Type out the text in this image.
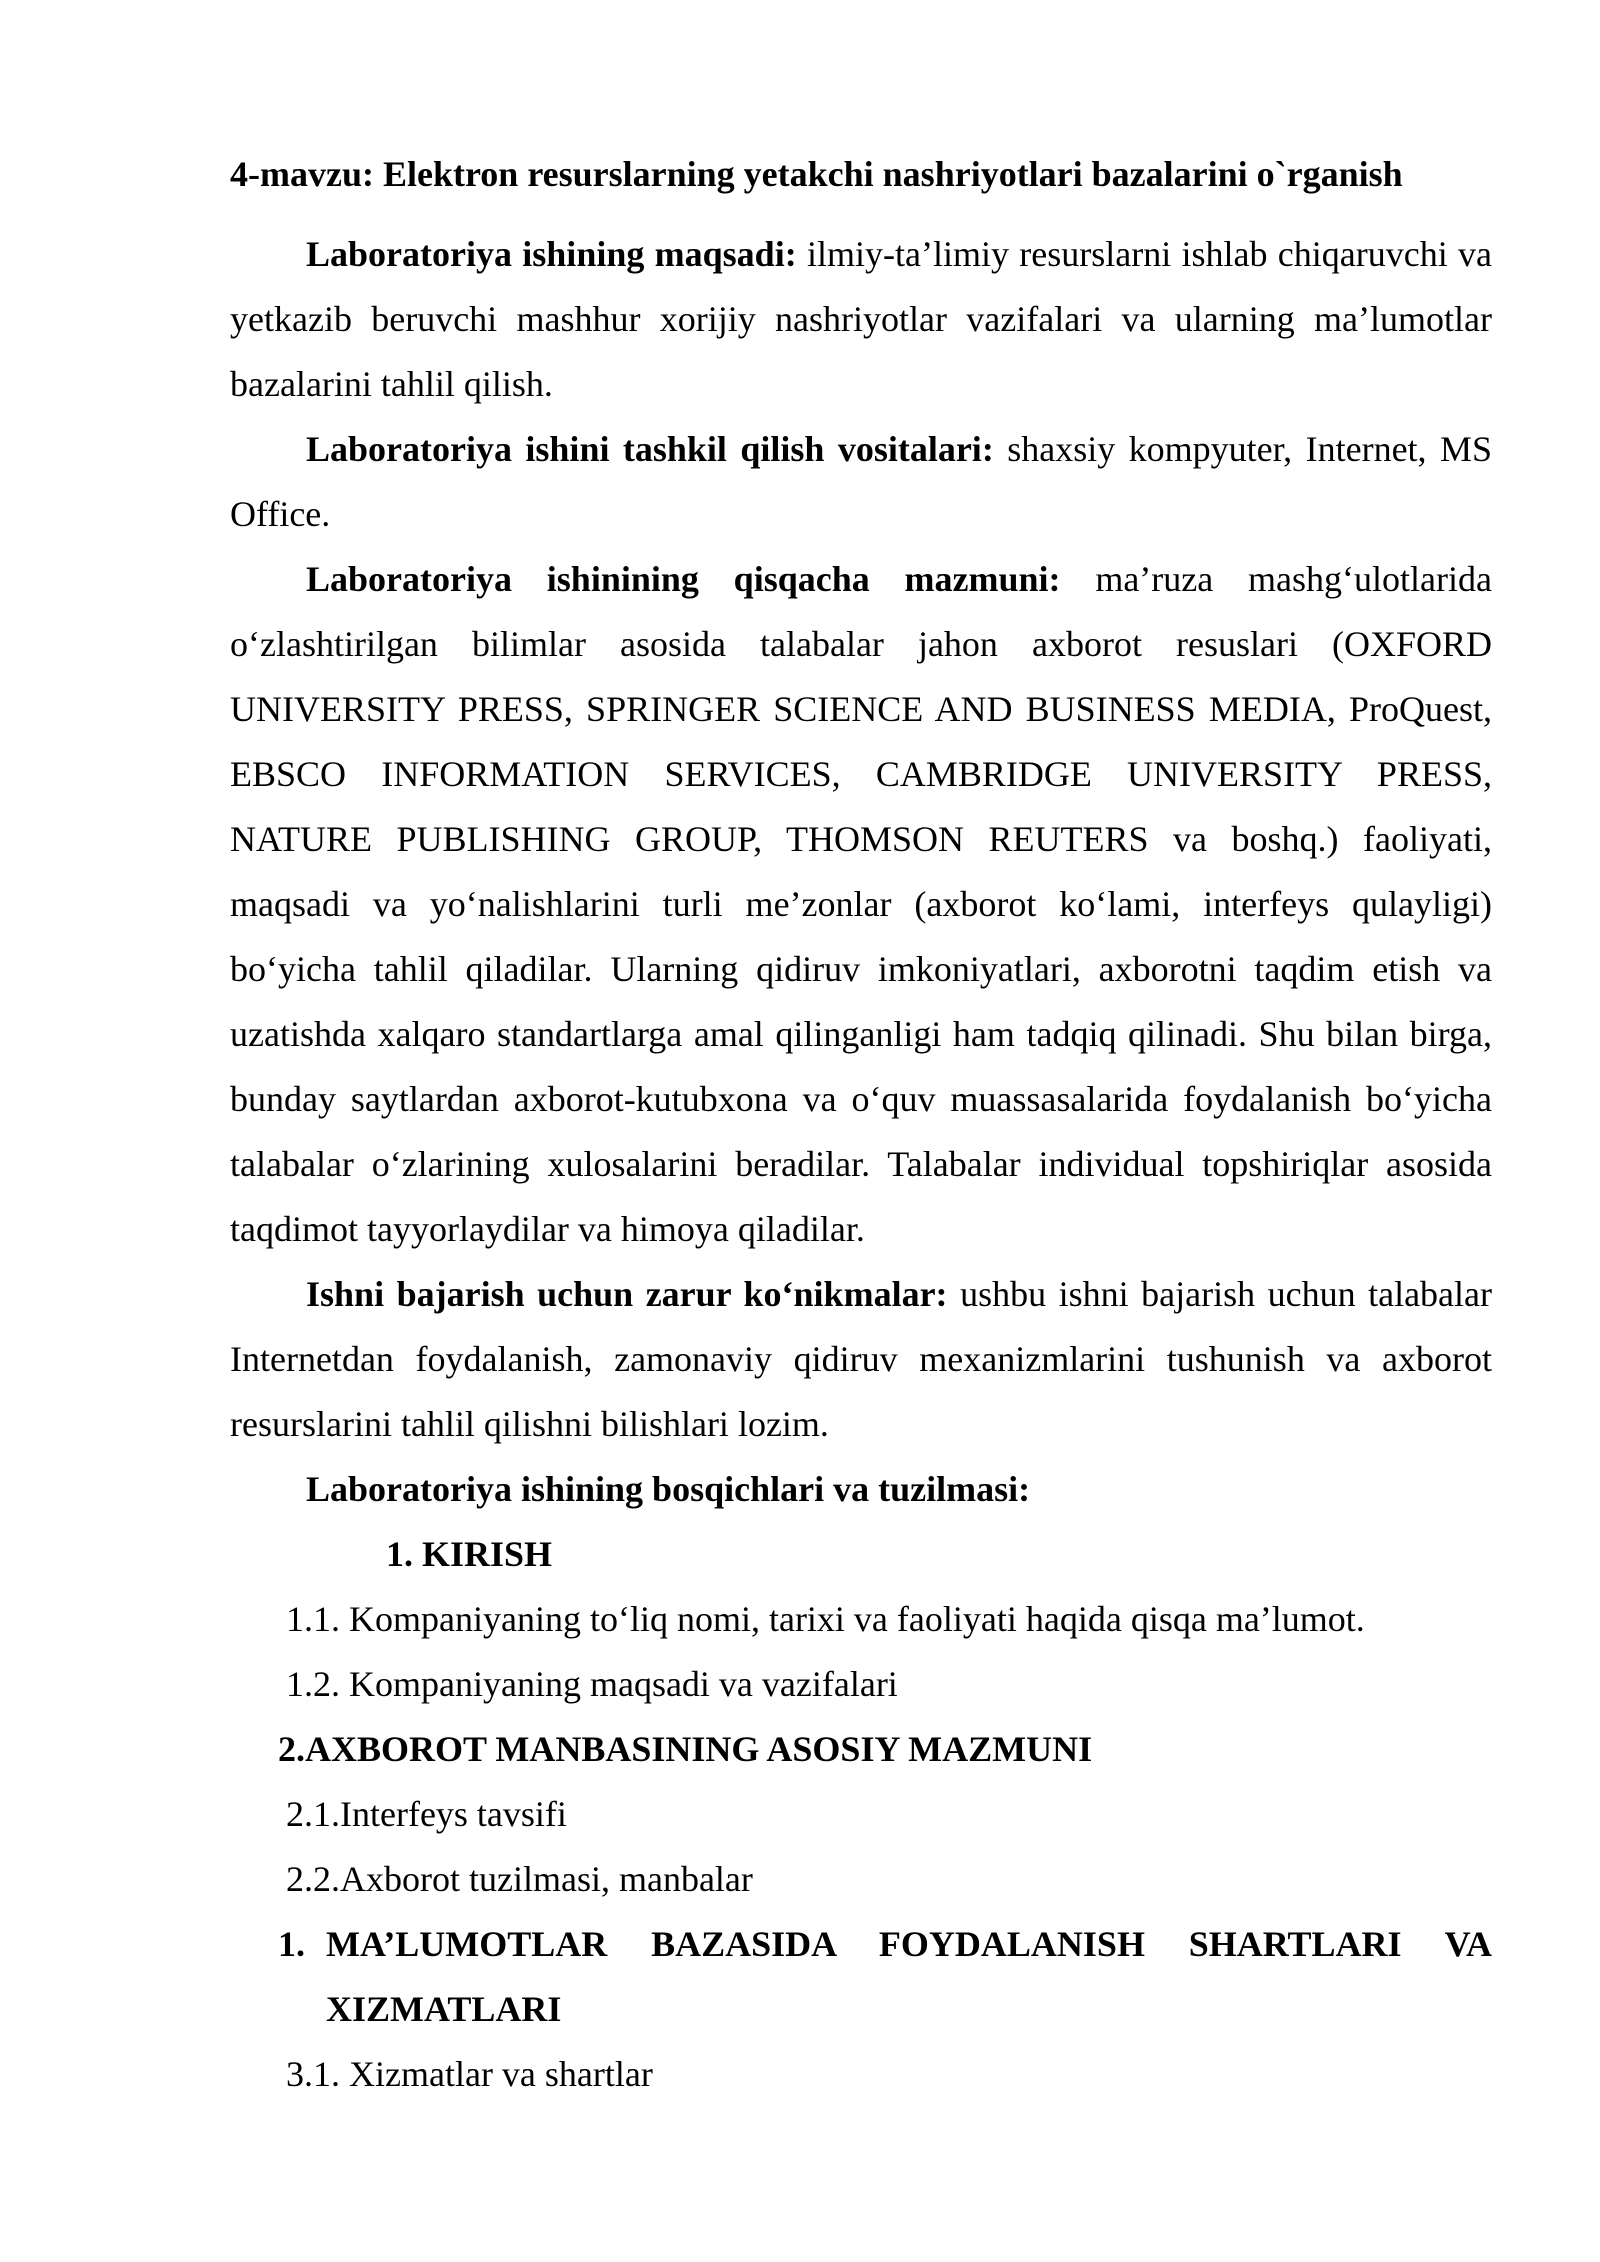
4-mavzu: Elektron resurslarning yetakchi nashriyotlari bazalarini o`rganish

Laboratoriya ishining maqsadi: ilmiy-ta’limiy resurslarni ishlab chiqaruvchi va yetkazib beruvchi mashhur xorijiy nashriyotlar vazifalari va ularning ma’lumotlar bazalarini tahlil qilish.

Laboratoriya ishini tashkil qilish vositalari: shaxsiy kompyuter, Internet, MS Office.

Laboratoriya ishinining qisqacha mazmuni: ma’ruza mashg‘ulotlarida o‘zlashtirilgan bilimlar asosida talabalar jahon axborot resuslari (OXFORD UNIVERSITY PRESS, SPRINGER SCIENCE AND BUSINESS MEDIA, ProQuest, EBSCO INFORMATION SERVICES, CAMBRIDGE UNIVERSITY PRESS, NATURE PUBLISHING GROUP, THOMSON REUTERS va boshq.) faoliyati, maqsadi va yo‘nalishlarini turli me’zonlar (axborot ko‘lami, interfeys qulayligi) bo‘yicha tahlil qiladilar. Ularning qidiruv imkoniyatlari, axborotni taqdim etish va uzatishda xalqaro standartlarga amal qilinganligi ham tadqiq qilinadi. Shu bilan birga, bunday saytlardan axborot-kutubxona va o‘quv muassasalarida foydalanish bo‘yicha talabalar o‘zlarining xulosalarini beradilar. Talabalar individual topshiriqlar asosida taqdimot tayyorlaydilar va himoya qiladilar.

Ishni bajarish uchun zarur ko‘nikmalar: ushbu ishni bajarish uchun talabalar Internetdan foydalanish, zamonaviy qidiruv mexanizmlarini tushunish va axborot resurslarini tahlil qilishni bilishlari lozim.

Laboratoriya ishining bosqichlari va tuzilmasi:

1. KIRISH

1.1. Kompaniyaning to‘liq nomi, tarixi va faoliyati haqida qisqa ma’lumot.

1.2. Kompaniyaning maqsadi va vazifalari

2.AXBOROT MANBASINING ASOSIY MAZMUNI

2.1.Interfeys tavsifi

2.2.Axborot tuzilmasi, manbalar

1. MA’LUMOTLAR BAZASIDA FOYDALANISH SHARTLARI VA XIZMATLARI

3.1. Xizmatlar va shartlar
